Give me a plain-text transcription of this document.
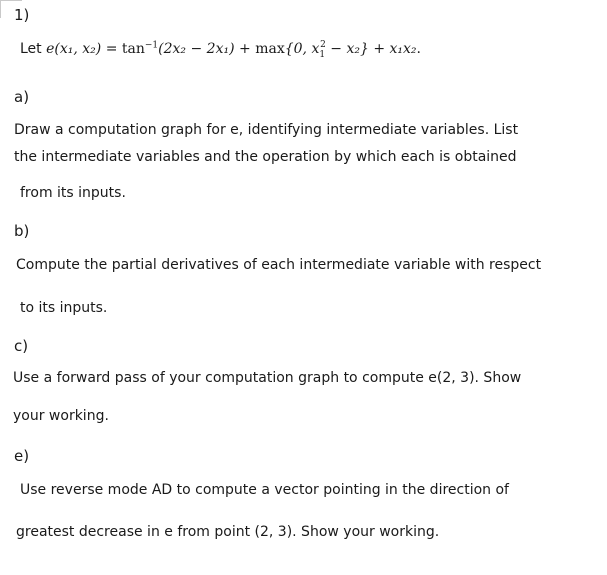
1)
Let e(x₁, $x_2) = \tan^{-1}(2x_2 - 2x_1) + \max\{0$, $x_1^2 - x_2\} + x_1x_2$.
a)
Draw a computation graph for e, identifying intermediate variables. List
the intermediate variables and the operation by which each is obtained
from its inputs.
b)
Compute the partial derivatives of each intermediate variable with respect
to its inputs.
c)
Use a forward pass of your computation graph to compute e(2, 3). Show
your working.
e)
Use reverse mode AD to compute a vector pointing in the direction of
greatest decrease in e from point (2, 3). Show your working.
